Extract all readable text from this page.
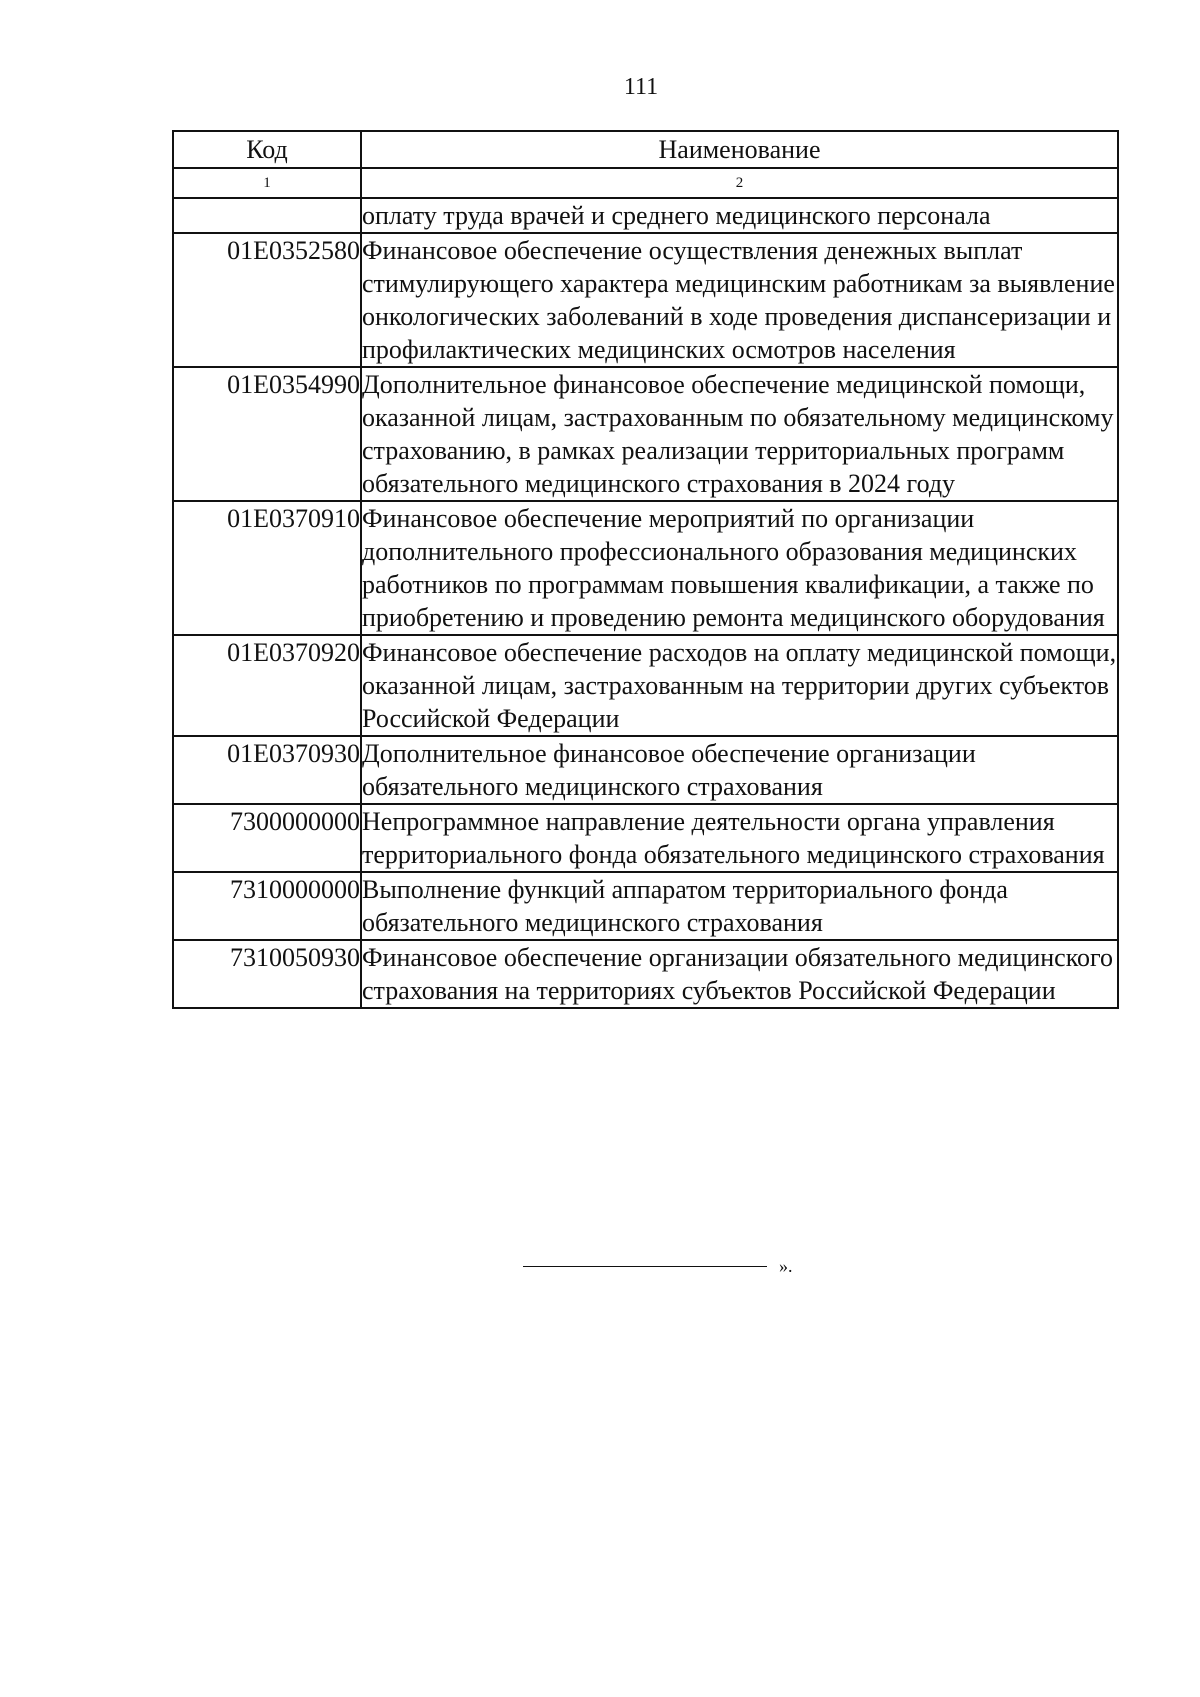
111
Код	Наименование
1	2
	оплату труда врачей и среднего медицинского персонала
01Е0352580	Финансовое обеспечение осуществления денежных выплат стимулирующего характера медицинским работникам за выявление онкологических заболеваний в ходе проведения диспансеризации и профилактических медицинских осмотров населения
01Е0354990	Дополнительное финансовое обеспечение медицинской помощи, оказанной лицам, застрахованным по обязательному медицинскому страхованию, в рамках реализации территориальных программ обязательного медицинского страхования в 2024 году
01Е0370910	Финансовое обеспечение мероприятий по организации дополнительного профессионального образования медицинских работников по программам повышения квалификации, а также по приобретению и проведению ремонта медицинского оборудования
01Е0370920	Финансовое обеспечение расходов на оплату медицинской помощи, оказанной лицам, застрахованным на территории других субъектов Российской Федерации
01Е0370930	Дополнительное финансовое обеспечение организации обязательного медицинского страхования
7300000000	Непрограммное направление деятельности органа управления территориального фонда обязательного медицинского страхования
7310000000	Выполнение функций аппаратом территориального фонда обязательного медицинского страхования
7310050930	Финансовое обеспечение организации обязательного медицинского страхования на территориях субъектов Российской Федерации
».
